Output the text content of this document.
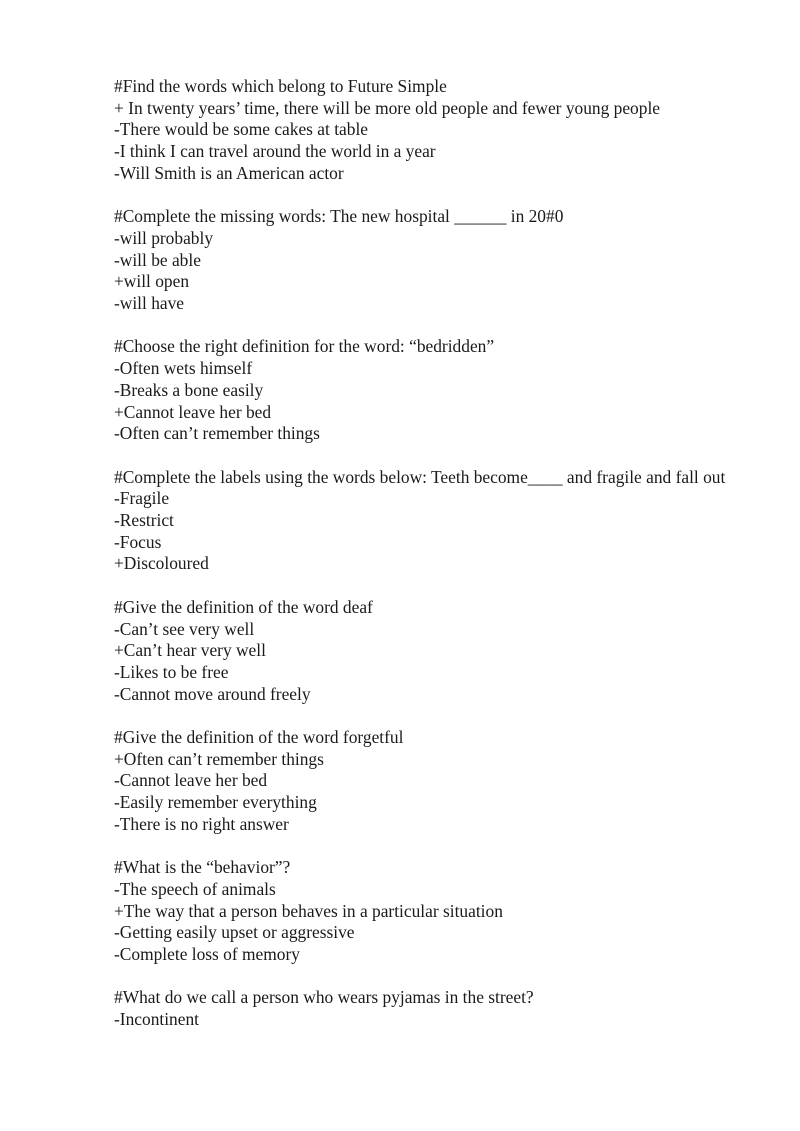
#Find the words which belong to Future Simple
+ In twenty years’ time, there will be more old people and fewer young people
-There would be some cakes at table
-I think I can travel around the world in a year
-Will Smith is an American actor
#Complete the missing words: The new hospital ______ in 20#0
-will probably
-will be able
+will open
-will have
#Choose the right definition for the word: “bedridden”
-Often wets himself
-Breaks a bone easily
+Cannot leave her bed
-Often can’t remember things
#Complete the labels using the words below: Teeth become____ and fragile and fall out
-Fragile
-Restrict
-Focus
+Discoloured
#Give the definition of the word deaf
-Can’t see very well
+Can’t hear very well
-Likes to be free
-Cannot move around freely
#Give the definition of the word forgetful
+Often can’t remember things
-Cannot leave her bed
-Easily remember everything
-There is no right answer
#What is the “behavior”?
-The speech of animals
+The way that a person behaves in a particular situation
-Getting easily upset or aggressive
-Complete loss of memory
#What do we call a person who wears pyjamas in the street?
-Incontinent
